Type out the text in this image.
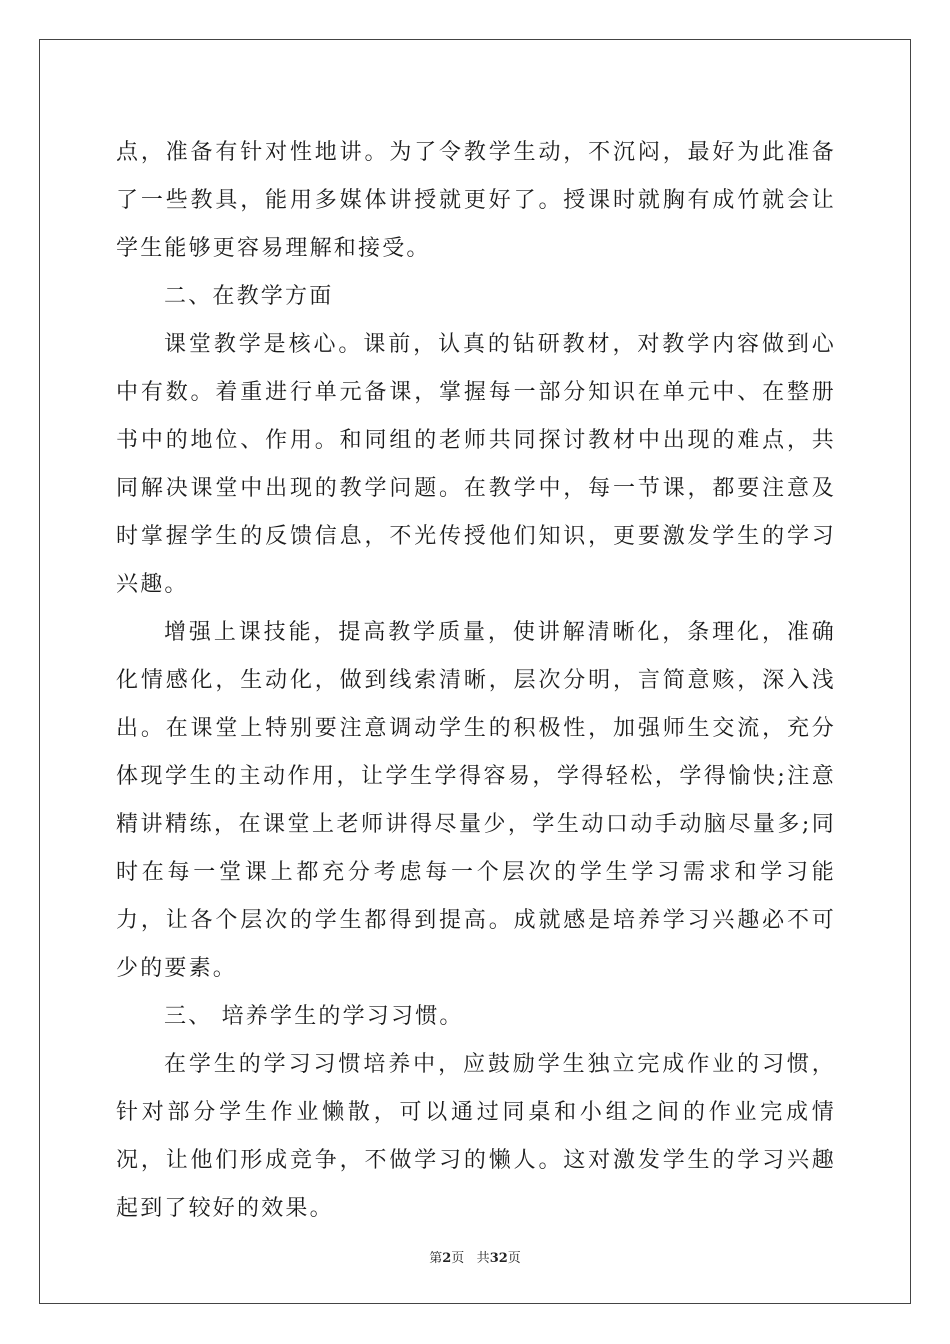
点，准备有针对性地讲。为了令教学生动，不沉闷，最好为此准备了一些教具，能用多媒体讲授就更好了。授课时就胸有成竹就会让学生能够更容易理解和接受。

二、在教学方面

课堂教学是核心。课前，认真的钻研教材，对教学内容做到心中有数。着重进行单元备课，掌握每一部分知识在单元中、在整册书中的地位、作用。和同组的老师共同探讨教材中出现的难点，共同解决课堂中出现的教学问题。在教学中，每一节课，都要注意及时掌握学生的反馈信息，不光传授他们知识，更要激发学生的学习兴趣。

增强上课技能，提高教学质量，使讲解清晰化，条理化，准确化情感化，生动化，做到线索清晰，层次分明，言简意赅，深入浅出。在课堂上特别要注意调动学生的积极性，加强师生交流，充分体现学生的主动作用，让学生学得容易，学得轻松，学得愉快;注意精讲精练，在课堂上老师讲得尽量少，学生动口动手动脑尽量多;同时在每一堂课上都充分考虑每一个层次的学生学习需求和学习能力，让各个层次的学生都得到提高。成就感是培养学习兴趣必不可少的要素。

三、 培养学生的学习习惯。

在学生的学习习惯培养中，应鼓励学生独立完成作业的习惯，针对部分学生作业懒散，可以通过同桌和小组之间的作业完成情况，让他们形成竞争，不做学习的懒人。这对激发学生的学习兴趣起到了较好的效果。

第2页 共32页
